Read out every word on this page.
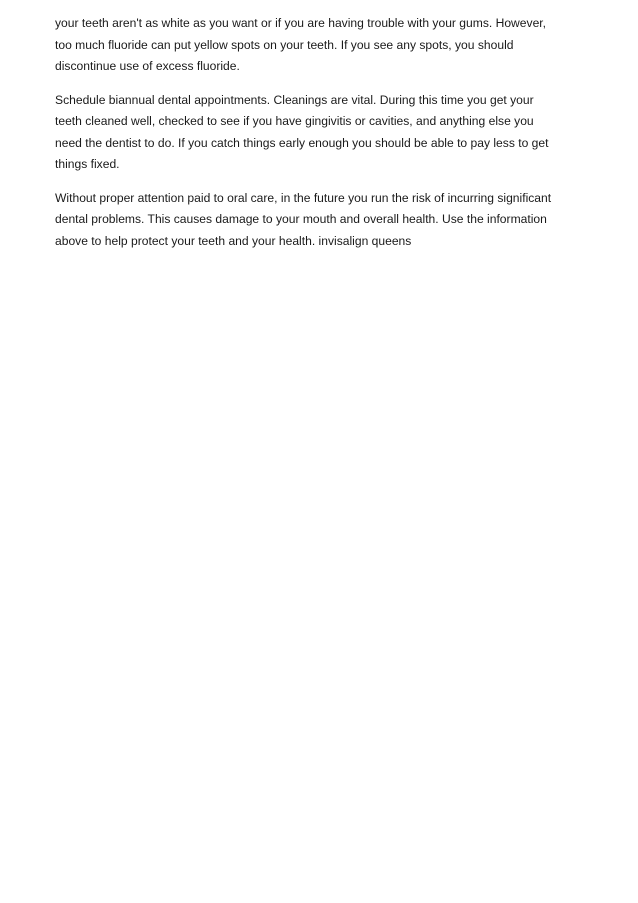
your teeth aren't as white as you want or if you are having trouble with your gums. However,
too much fluoride can put yellow spots on your teeth. If you see any spots, you should
discontinue use of excess fluoride.

Schedule biannual dental appointments. Cleanings are vital. During this time you get your
teeth cleaned well, checked to see if you have gingivitis or cavities, and anything else you
need the dentist to do. If you catch things early enough you should be able to pay less to get
things fixed.

Without proper attention paid to oral care, in the future you run the risk of incurring significant
dental problems. This causes damage to your mouth and overall health. Use the information
above to help protect your teeth and your health. invisalign queens
